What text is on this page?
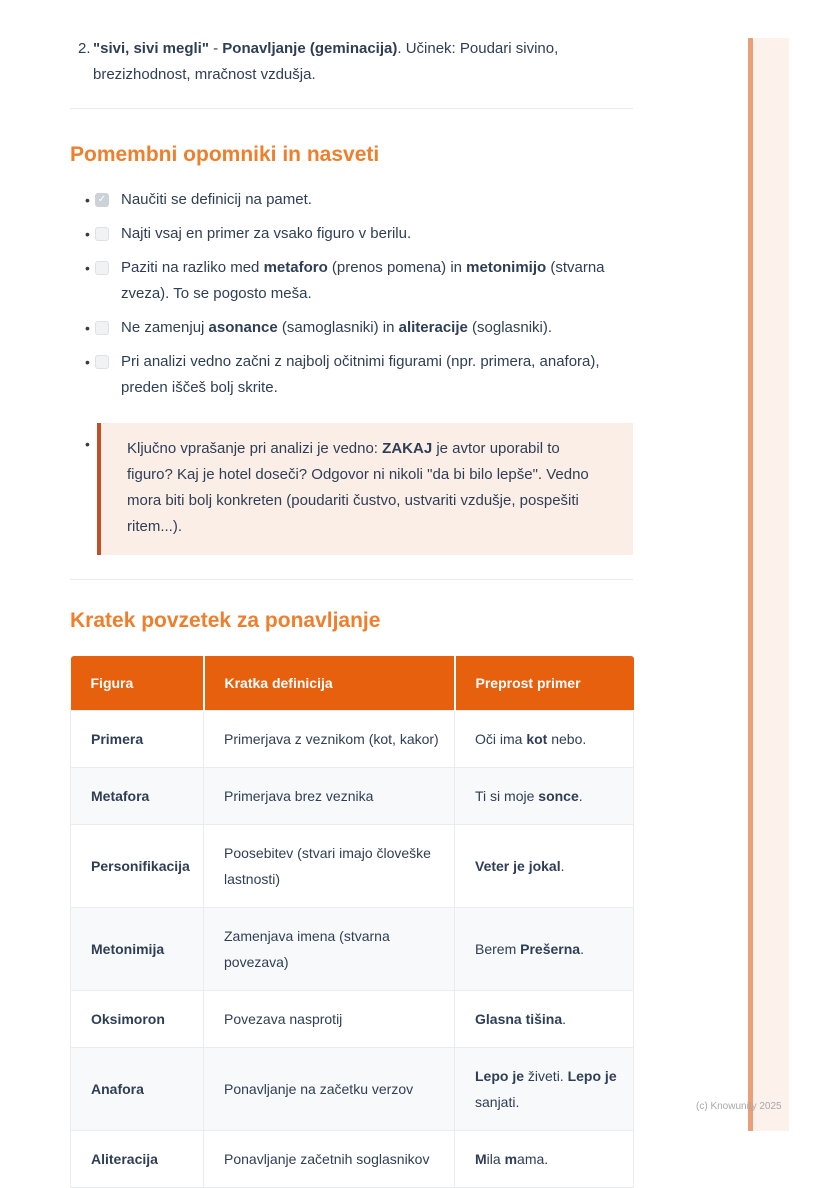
2. "sivi, sivi megli" - Ponavljanje (geminacija). Učinek: Poudari sivino, brezizhodnost, mračnost vzdušja.
Pomembni opomniki in nasveti
• ✓ Naučiti se definicij na pamet.
•	Najti vsaj en primer za vsako figuro v berilu.
•	Paziti na razliko med metaforo (prenos pomena) in metonimijo (stvarna zveza). To se pogosto meša.
•	Ne zamenjuj asonance (samoglasniki) in aliteracije (soglasniki).
•	Pri analizi vedno začni z najbolj očitnimi figurami (npr. primera, anafora), preden iščeš bolj skrite.
•	Ključno vprašanje pri analizi je vedno: ZAKAJ je avtor uporabil to figuro? Kaj je hotel doseči? Odgovor ni nikoli "da bi bilo lepše". Vedno mora biti bolj konkreten (poudariti čustvo, ustvariti vzdušje, pospešiti ritem...).

Kratek povzetek za ponavljanje
Figura	Kratka definicija	Preprost primer
Primera	Primerjava z veznikom (kot, kakor)	Oči ima kot nebo.
Metafora	Primerjava brez veznika	Ti si moje sonce.
Personifikacija	Poosebitev (stvari imajo človeške lastnosti)	Veter je jokal.
Metonimija	Zamenjava imena (stvarna povezava)	Berem Prešerna.
Oksimoron	Povezava nasprotij	Glasna tišina.
Anafora	Ponavljanje na začetku verzov	Lepo je živeti. Lepo je sanjati.
Aliteracija	Ponavljanje začetnih soglasnikov	Mila mama.
(c) Knowunity 2025
